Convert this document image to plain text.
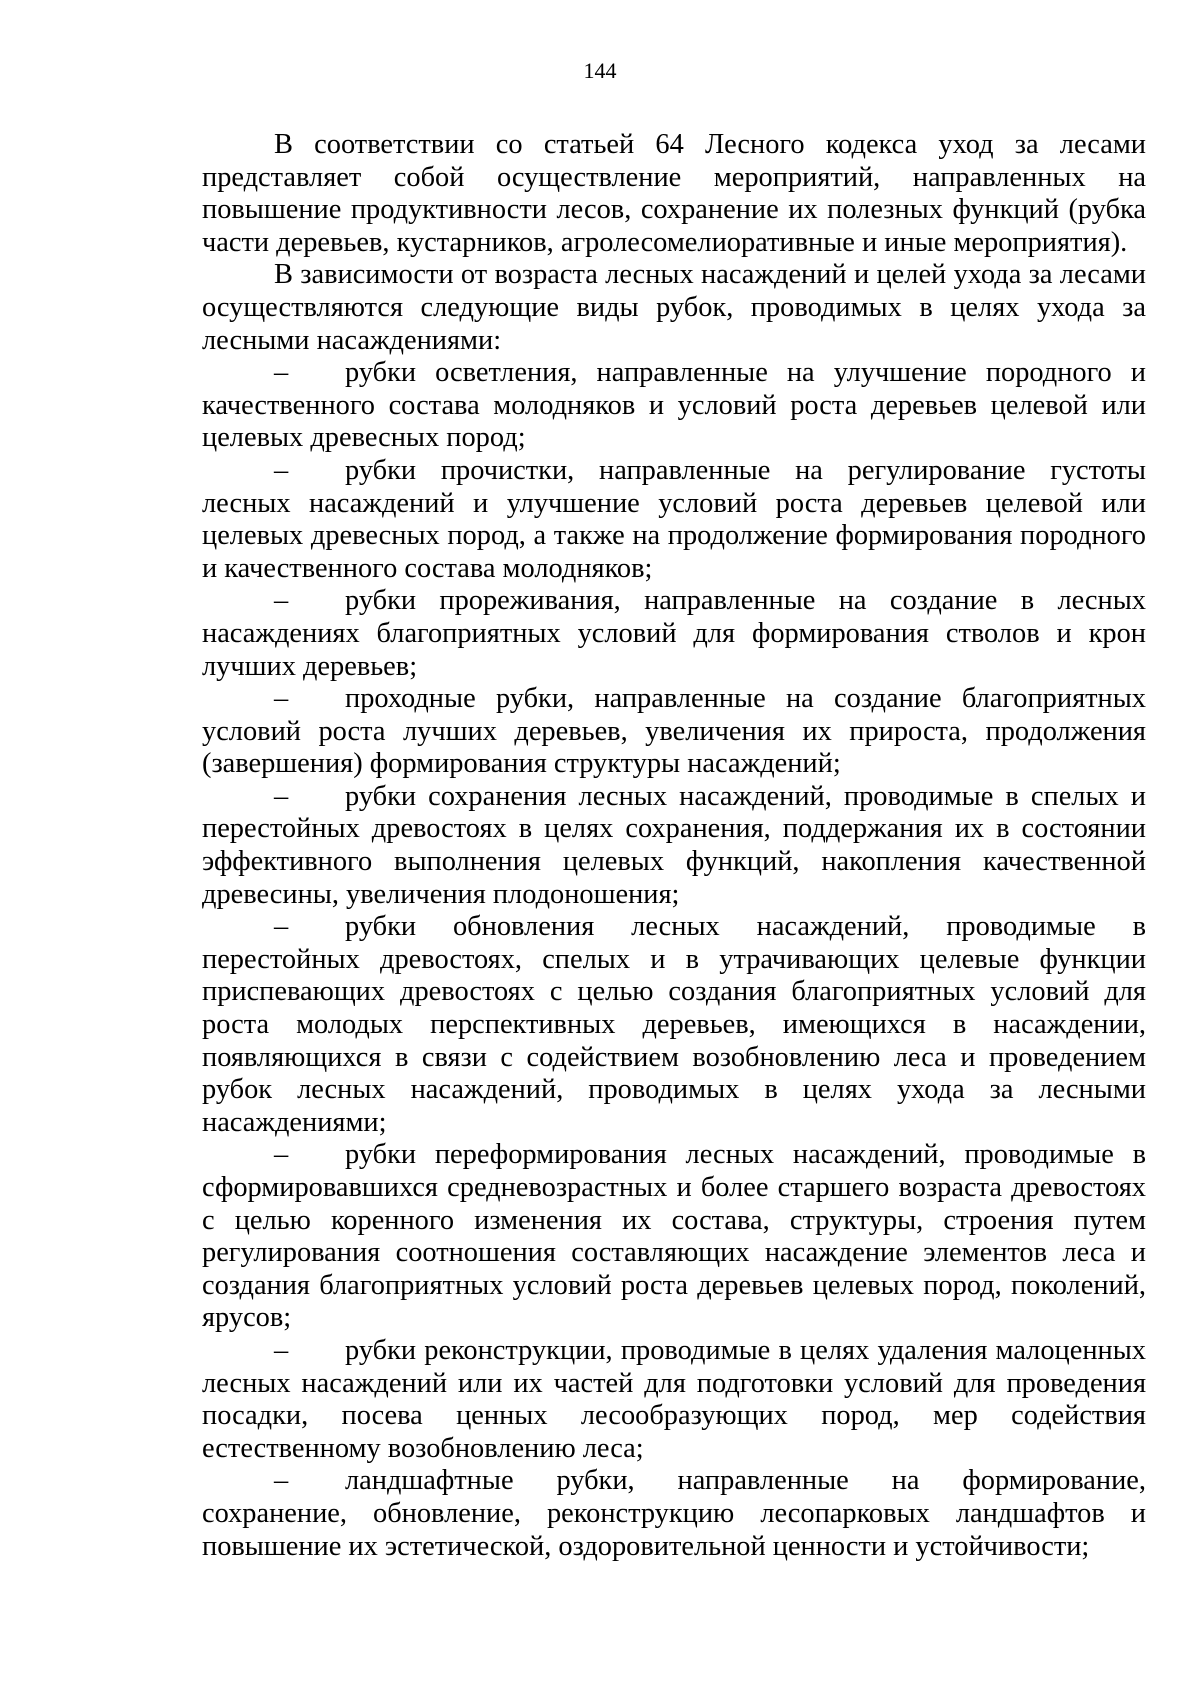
144

В соответствии со статьей 64 Лесного кодекса уход за лесами представляет собой осуществление мероприятий, направленных на повышение продуктивности лесов, сохранение их полезных функций (рубка части деревьев, кустарников, агролесомелиоративные и иные мероприятия).

В зависимости от возраста лесных насаждений и целей ухода за лесами осуществляются следующие виды рубок, проводимых в целях ухода за лесными насаждениями:

– рубки осветления, направленные на улучшение породного и качественного состава молодняков и условий роста деревьев целевой или целевых древесных пород;
– рубки прочистки, направленные на регулирование густоты лесных насаждений и улучшение условий роста деревьев целевой или целевых древесных пород, а также на продолжение формирования породного и качественного состава молодняков;
– рубки прореживания, направленные на создание в лесных насаждениях благоприятных условий для формирования стволов и крон лучших деревьев;
– проходные рубки, направленные на создание благоприятных условий роста лучших деревьев, увеличения их прироста, продолжения (завершения) формирования структуры насаждений;
– рубки сохранения лесных насаждений, проводимые в спелых и перестойных древостоях в целях сохранения, поддержания их в состоянии эффективного выполнения целевых функций, накопления качественной древесины, увеличения плодоношения;
– рубки обновления лесных насаждений, проводимые в перестойных древостоях, спелых и в утрачивающих целевые функции приспевающих древостоях с целью создания благоприятных условий для роста молодых перспективных деревьев, имеющихся в насаждении, появляющихся в связи с содействием возобновлению леса и проведением рубок лесных насаждений, проводимых в целях ухода за лесными насаждениями;
– рубки переформирования лесных насаждений, проводимые в сформировавшихся средневозрастных и более старшего возраста древостоях с целью коренного изменения их состава, структуры, строения путем регулирования соотношения составляющих насаждение элементов леса и создания благоприятных условий роста деревьев целевых пород, поколений, ярусов;
– рубки реконструкции, проводимые в целях удаления малоценных лесных насаждений или их частей для подготовки условий для проведения посадки, посева ценных лесообразующих пород, мер содействия естественному возобновлению леса;
– ландшафтные рубки, направленные на формирование, сохранение, обновление, реконструкцию лесопарковых ландшафтов и повышение их эстетической, оздоровительной ценности и устойчивости;
